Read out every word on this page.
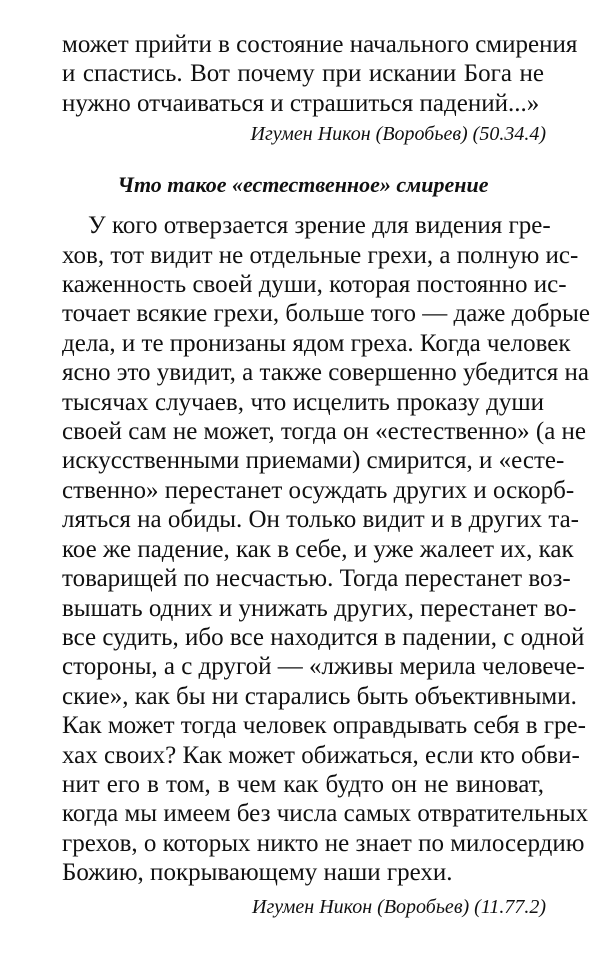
может прийти в состояние начального смирения
и спастись. Вот почему при искании Бога не
нужно отчаиваться и страшиться падений...»
Игумен Никон (Воробьев) (50.34.4)
Что такое «естественное» смирение
У кого отверзается зрение для видения гре-
хов, тот видит не отдельные грехи, а полную ис-
каженность своей души, которая постоянно ис-
точает всякие грехи, больше того — даже добрые
дела, и те пронизаны ядом греха. Когда человек
ясно это увидит, а также совершенно убедится на
тысячах случаев, что исцелить проказу души
своей сам не может, тогда он «естественно» (а не
искусственными приемами) смирится, и «есте-
ственно» перестанет осуждать других и оскорб-
ляться на обиды. Он только видит и в других та-
кое же падение, как в себе, и уже жалеет их, как
товарищей по несчастью. Тогда перестанет воз-
вышать одних и унижать других, перестанет во-
все судить, ибо все находится в падении, с одной
стороны, а с другой — «лживы мерила человече-
ские», как бы ни старались быть объективными.
Как может тогда человек оправдывать себя в гре-
хах своих? Как может обижаться, если кто обви-
нит его в том, в чем как будто он не виноват,
когда мы имеем без числа самых отвратительных
грехов, о которых никто не знает по милосердию
Божию, покрывающему наши грехи.
Игумен Никон (Воробьев) (11.77.2)
